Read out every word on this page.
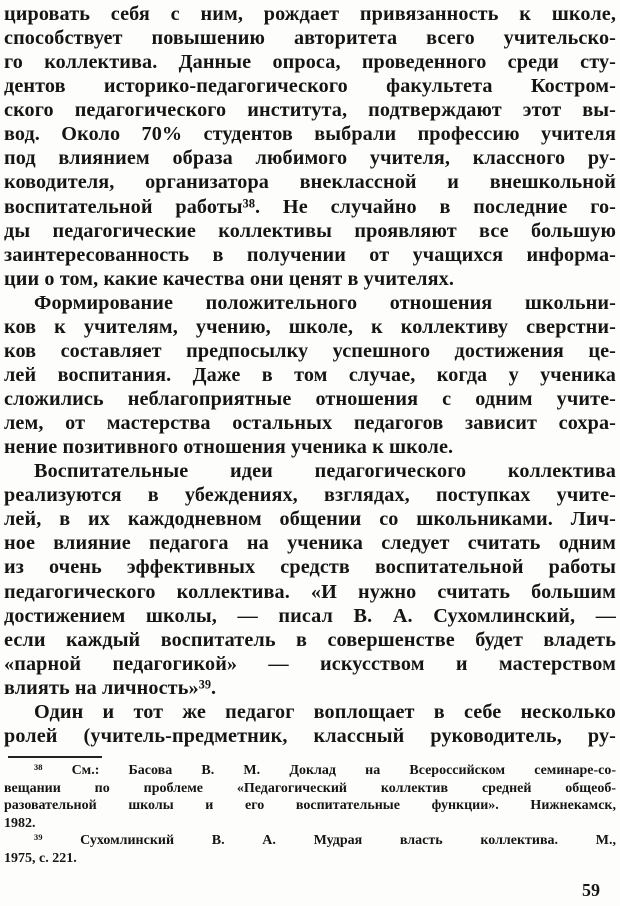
цировать себя с ним, рождает привязанность к школе,
способствует повышению авторитета всего учительско-
го коллектива. Данные опроса, проведенного среди сту-
дентов историко-педагогического факультета Костром-
ского педагогического института, подтверждают этот вы-
вод. Около 70% студентов выбрали профессию учителя
под влиянием образа любимого учителя, классного ру-
ководителя, организатора внеклассной и внешкольной
воспитательной работы³⁸. Не случайно в последние го-
ды педагогические коллективы проявляют все большую
заинтересованность в получении от учащихся информа-
ции о том, какие качества они ценят в учителях.
Формирование положительного отношения школьни-
ков к учителям, учению, школе, к коллективу сверстни-
ков составляет предпосылку успешного достижения це-
лей воспитания. Даже в том случае, когда у ученика
сложились неблагоприятные отношения с одним учите-
лем, от мастерства остальных педагогов зависит сохра-
нение позитивного отношения ученика к школе.
Воспитательные идеи педагогического коллектива
реализуются в убеждениях, взглядах, поступках учите-
лей, в их каждодневном общении со школьниками. Лич-
ное влияние педагога на ученика следует считать одним
из очень эффективных средств воспитательной работы
педагогического коллектива. «И нужно считать большим
достижением школы, — писал В. А. Сухомлинский, —
если каждый воспитатель в совершенстве будет владеть
«парной педагогикой» — искусством и мастерством
влиять на личность»³⁹.
Один и тот же педагог воплощает в себе несколько
ролей (учитель-предметник, классный руководитель, ру-
59
³⁸ См.: Басова В. М. Доклад на Всероссийском семинаре-со-
вещании по проблеме «Педагогический коллектив средней общеоб-
разовательной школы и его воспитательные функции». Нижнекамск,
1982.
³⁹ Сухомлинский В. А. Мудрая власть коллектива. М.,
1975, с. 221.
